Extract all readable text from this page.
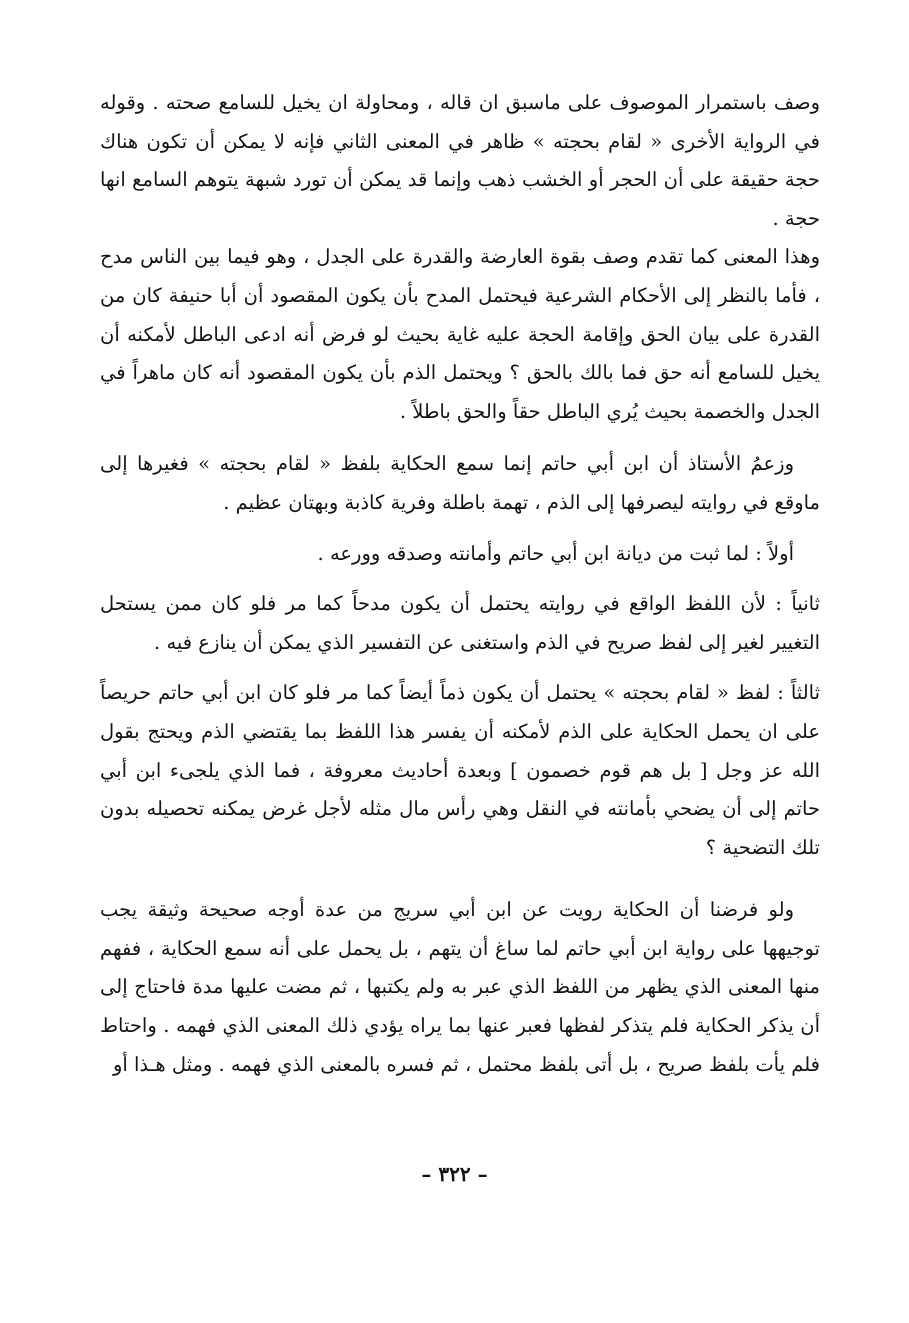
وصف باستمرار الموصوف على ماسبق ان قاله ، ومحاولة ان يخيل للسامع صحته . وقوله في الرواية الأخرى « لقام بحجته » ظاهر في المعنى الثاني فإنه لا يمكن أن تكون هناك حجة حقيقة على أن الحجر أو الخشب ذهب وإنما قد يمكن أن تورد شبهة يتوهم السامع انها حجة .

وهذا المعنى كما تقدم وصف بقوة العارضة والقدرة على الجدل ، وهو فيما بين الناس مدح ، فأما بالنظر إلى الأحكام الشرعية فيحتمل المدح بأن يكون المقصود أن أبا حنيفة كان من القدرة على بيان الحق وإقامة الحجة عليه غاية بحيث لو فرض أنه ادعى الباطل لأمكنه أن يخيل للسامع أنه حق فما بالك بالحق ؟ ويحتمل الذم بأن يكون المقصود أنه كان ماهراً في الجدل والخصمة بحيث يُري الباطل حقاً والحق باطلاً .

وزعمُ الأستاذ أن ابن أبي حاتم إنما سمع الحكاية بلفظ « لقام بحجته » فغيرها إلى ماوقع في روايته ليصرفها إلى الذم ، تهمة باطلة وفرية كاذبة وبهتان عظيم .

أولاً : لما ثبت من ديانة ابن أبي حاتم وأمانته وصدقه وورعه .

ثانياً : لأن اللفظ الواقع في روايته يحتمل أن يكون مدحاً كما مر فلو كان ممن يستحل التغيير لغير إلى لفظ صريح في الذم واستغنى عن التفسير الذي يمكن أن ينازع فيه .

ثالثاً : لفظ « لقام بحجته » يحتمل أن يكون ذماً أيضاً كما مر فلو كان ابن أبي حاتم حريصاً على ان يحمل الحكاية على الذم لأمكنه أن يفسر هذا اللفظ بما يقتضي الذم ويحتج بقول الله عز وجل [ بل هم قوم خصمون ] وبعدة أحاديث معروفة ، فما الذي يلجىء ابن أبي حاتم إلى أن يضحي بأمانته في النقل وهي رأس مال مثله لأجل غرض يمكنه تحصيله بدون تلك التضحية ؟

ولو فرضنا أن الحكاية رويت عن ابن أبي سريج من عدة أوجه صحيحة وثيقة يجب توجيهها على رواية ابن أبي حاتم لما ساغ أن يتهم ، بل يحمل على أنه سمع الحكاية ، ففهم منها المعنى الذي يظهر من اللفظ الذي عبر به ولم يكتبها ، ثم مضت عليها مدة فاحتاج إلى أن يذكر الحكاية فلم يتذكر لفظها فعبر عنها بما يراه يؤدي ذلك المعنى الذي فهمه . واحتاط فلم يأت بلفظ صريح ، بل أتى بلفظ محتمل ، ثم فسره بالمعنى الذي فهمه . ومثل هـذا أو

– ٣٢٢ –
